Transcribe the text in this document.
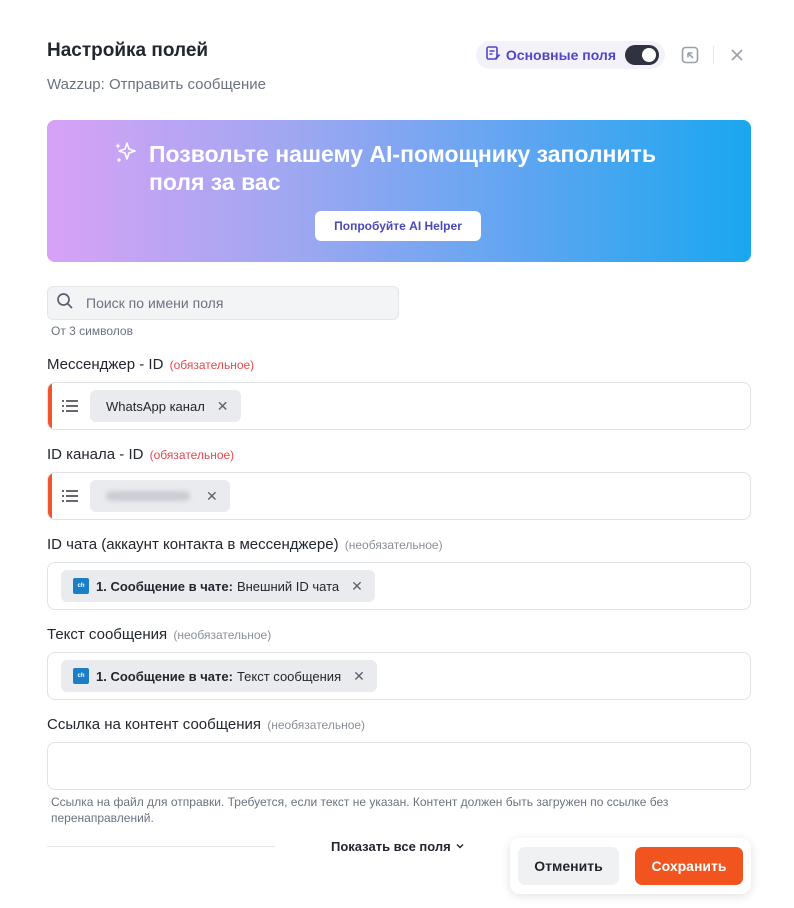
Настройка полей
Wazzup: Отправить сообщение
Основные поля
Позвольте нашему AI-помощнику заполнить поля за вас
Попробуйте AI Helper
Поиск по имени поля
От 3 символов
Мессенджер - ID (обязательное)
WhatsApp канал ✕
ID канала - ID (обязательное)
✕
ID чата (аккаунт контакта в мессенджере) (необязательное)
ch 1. Сообщение в чате: Внешний ID чата ✕
Текст сообщения (необязательное)
ch 1. Сообщение в чате: Текст сообщения ✕
Ссылка на контент сообщения (необязательное)
Ссылка на файл для отправки. Требуется, если текст не указан. Контент должен быть загружен по ссылке без перенаправлений.
Показать все поля
Отменить	Сохранить
